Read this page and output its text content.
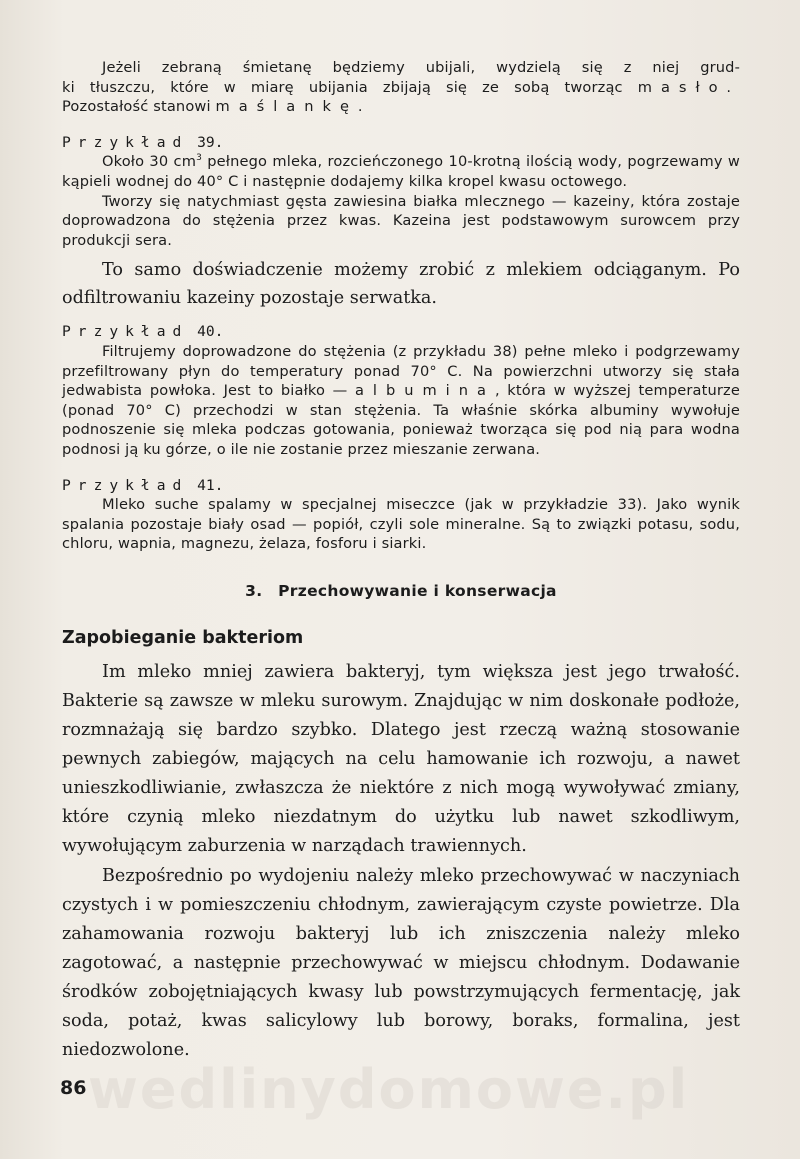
wedlinydomowe.pl

Jeżeli zebraną śmietanę będziemy ubijali, wydzielą się z niej grud-

ki tłuszczu, które w miarę ubijania zbijają się ze sobą tworząc masło.

Pozostałość stanowi maślankę.

Przykład 39.

Około 30 $cm^3$ pełnego mleka, rozcieńczonego 10-krotną ilością wody, pogrzewamy w kąpieli wodnej do 40° C i następnie dodajemy kilka kropel kwasu octowego.

Tworzy się natychmiast gęsta zawiesina białka mlecznego — kazeiny, która zostaje doprowadzona do stężenia przez kwas. Kazeina jest podstawowym surowcem przy produkcji sera.

To samo doświadczenie możemy zrobić z mlekiem odciąganym. Po odfiltrowaniu kazeiny pozostaje serwatka.

Przykład 40.

Filtrujemy doprowadzone do stężenia (z przykładu 38) pełne mleko i podgrzewamy przefiltrowany płyn do temperatury ponad 70° C. Na powierzchni utworzy się stała jedwabista powłoka. Jest to białko — albumina, która w wyższej temperaturze (ponad 70° C) przechodzi w stan stężenia. Ta właśnie skórka albuminy wywołuje podnoszenie się mleka podczas gotowania, ponieważ tworząca się pod nią para wodna podnosi ją ku górze, o ile nie zostanie przez mieszanie zerwana.

Przykład 41.

Mleko suche spalamy w specjalnej miseczce (jak w przykładzie 33). Jako wynik spalania pozostaje biały osad — popiół, czyli sole mineralne. Są to związki potasu, sodu, chloru, wapnia, magnezu, żelaza, fosforu i siarki.

3. Przechowywanie i konserwacja
Zapobieganie bakteriom

Im mleko mniej zawiera bakteryj, tym większa jest jego trwałość. Bakterie są zawsze w mleku surowym. Znajdując w nim doskonałe podłoże, rozmnażają się bardzo szybko. Dlatego jest rzeczą ważną stosowanie pewnych zabiegów, mających na celu hamowanie ich rozwoju, a nawet unieszkodliwianie, zwłaszcza że niektóre z nich mogą wywoływać zmiany, które czynią mleko niezdatnym do użytku lub nawet szkodliwym, wywołującym zaburzenia w narządach trawiennych.

Bezpośrednio po wydojeniu należy mleko przechowywać w naczyniach czystych i w pomieszczeniu chłodnym, zawierającym czyste powietrze. Dla zahamowania rozwoju bakteryj lub ich zniszczenia należy mleko zagotować, a następnie przechowywać w miejscu chłodnym. Dodawanie środków zobojętniających kwasy lub powstrzymujących fermentację, jak soda, potaż, kwas salicylowy lub borowy, boraks, formalina, jest niedozwolone.

86
